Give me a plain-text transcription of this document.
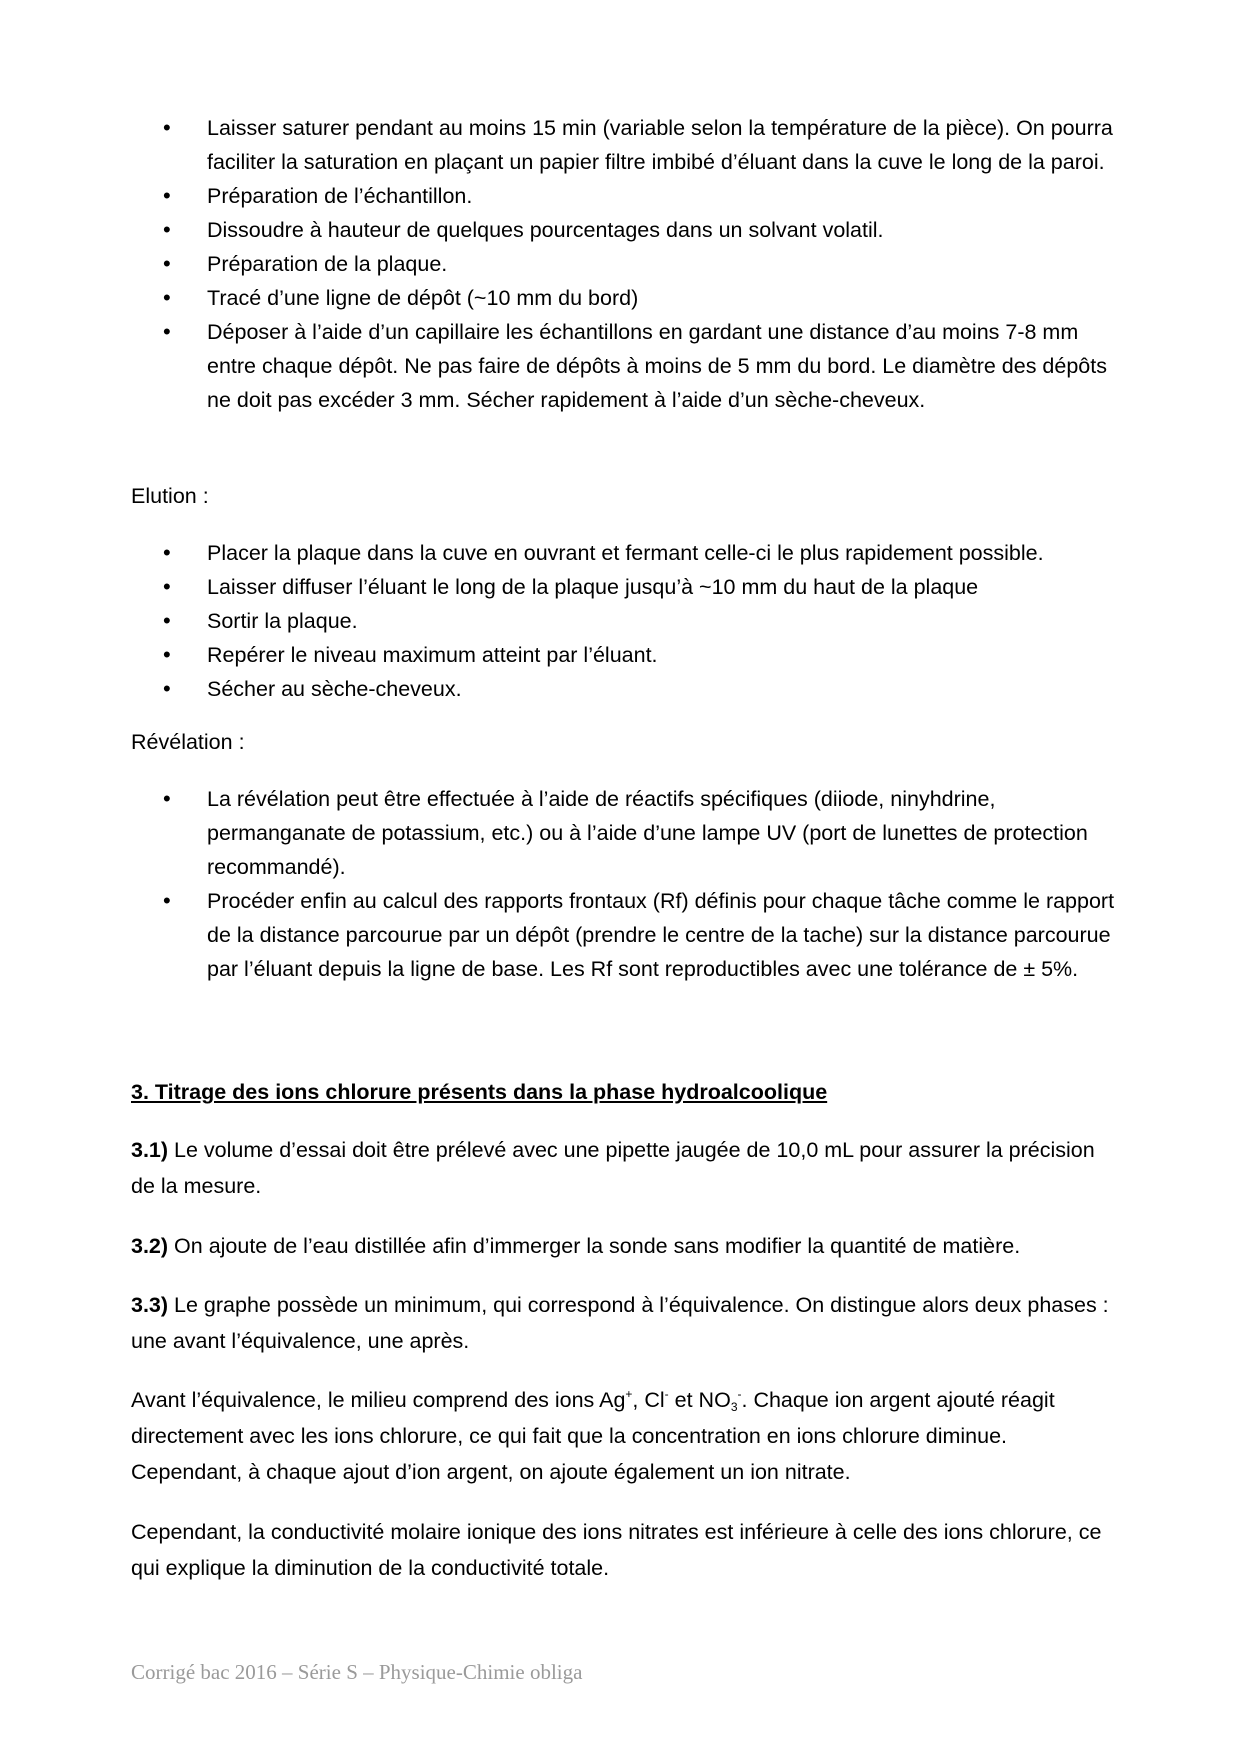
• Laisser saturer pendant au moins 15 min (variable selon la température de la pièce). On pourra faciliter la saturation en plaçant un papier filtre imbibé d’éluant dans la cuve le long de la paroi.
• Préparation de l’échantillon.
• Dissoudre à hauteur de quelques pourcentages dans un solvant volatil.
• Préparation de la plaque.
• Tracé d’une ligne de dépôt (~10 mm du bord)
• Déposer à l’aide d’un capillaire les échantillons en gardant une distance d’au moins 7-8 mm entre chaque dépôt. Ne pas faire de dépôts à moins de 5 mm du bord. Le diamètre des dépôts ne doit pas excéder 3 mm. Sécher rapidement à l’aide d’un sèche-cheveux.
Elution :
• Placer la plaque dans la cuve en ouvrant et fermant celle-ci le plus rapidement possible.
• Laisser diffuser l’éluant le long de la plaque jusqu’à ~10 mm du haut de la plaque
• Sortir la plaque.
• Repérer le niveau maximum atteint par l’éluant.
• Sécher au sèche-cheveux.
Révélation :
• La révélation peut être effectuée à l’aide de réactifs spécifiques (diiode, ninyhdrine, permanganate de potassium, etc.) ou à l’aide d’une lampe UV (port de lunettes de protection recommandé).
• Procéder enfin au calcul des rapports frontaux (Rf) définis pour chaque tâche comme le rapport de la distance parcourue par un dépôt (prendre le centre de la tache) sur la distance parcourue par l’éluant depuis la ligne de base. Les Rf sont reproductibles avec une tolérance de ± 5%.
3. Titrage des ions chlorure présents dans la phase hydroalcoolique
3.1) Le volume d’essai doit être prélevé avec une pipette jaugée de 10,0 mL pour assurer la précision de la mesure.
3.2) On ajoute de l’eau distillée afin d’immerger la sonde sans modifier la quantité de matière.
3.3) Le graphe possède un minimum, qui correspond à l’équivalence. On distingue alors deux phases : une avant l’équivalence, une après.
Avant l’équivalence, le milieu comprend des ions Ag+, Cl- et $NO_3^-$. Chaque ion argent ajouté réagit directement avec les ions chlorure, ce qui fait que la concentration en ions chlorure diminue. Cependant, à chaque ajout d’ion argent, on ajoute également un ion nitrate.
Cependant, la conductivité molaire ionique des ions nitrates est inférieure à celle des ions chlorure, ce qui explique la diminution de la conductivité totale.
Corrigé bac 2016 – Série S – Physique-Chimie obliga
